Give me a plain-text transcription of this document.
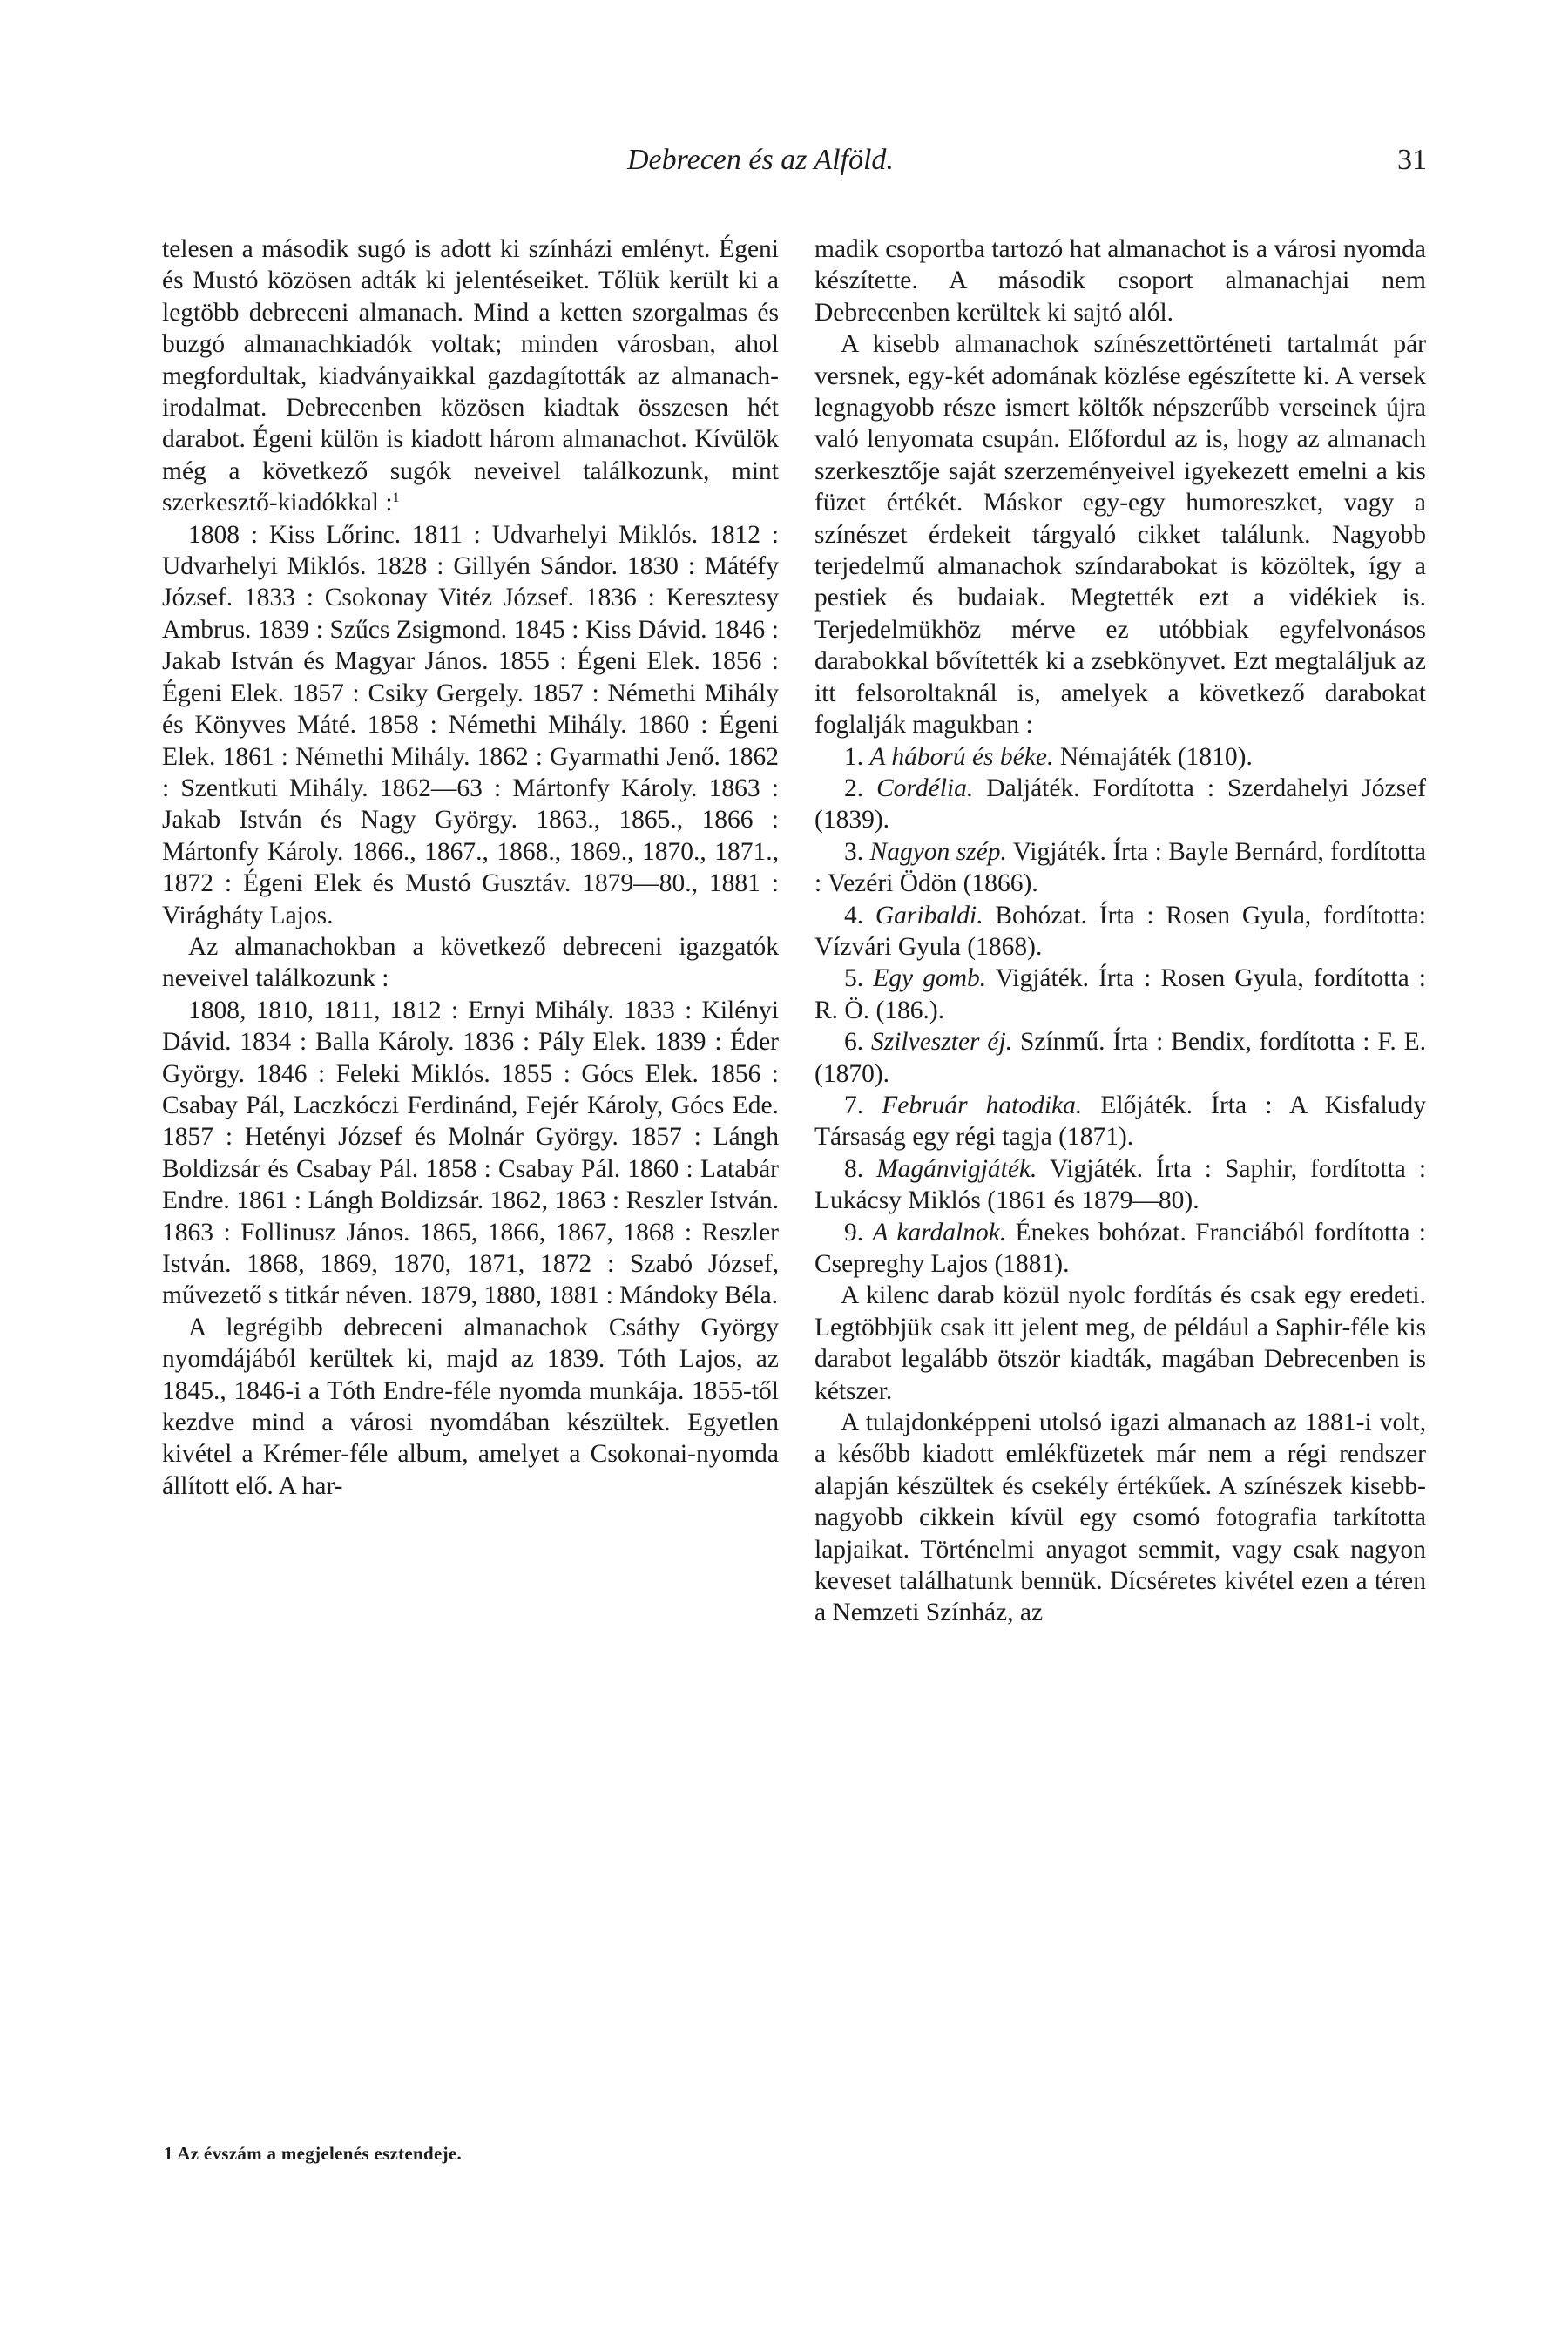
Debrecen és az Alföld.	31

telesen a második sugó is adott ki színházi emlényt. Égeni és Mustó közösen adták ki jelentéseiket. Tőlük került ki a legtöbb debreceni almanach. Mind a ketten szorgalmas és buzgó almanachkiadók voltak; minden városban, ahol megfordultak, kiadványaikkal gazdagították az almanach-irodalmat. Debrecenben közösen kiadtak összesen hét darabot. Égeni külön is kiadott három almanachot. Kívülök még a következő sugók neveivel találkozunk, mint szerkesztő-kiadókkal :$^1$

1808 : Kiss Lőrinc. 1811 : Udvarhelyi Miklós. 1812 : Udvarhelyi Miklós. 1828 : Gillyén Sándor. 1830 : Mátéfy József. 1833 : Csokonay Vitéz József. 1836 : Keresztesy Ambrus. 1839 : Szűcs Zsigmond. 1845 : Kiss Dávid. 1846 : Jakab István és Magyar János. 1855 : Égeni Elek. 1856 : Égeni Elek. 1857 : Csiky Gergely. 1857 : Némethi Mihály és Könyves Máté. 1858 : Némethi Mihály. 1860 : Égeni Elek. 1861 : Némethi Mihály. 1862 : Gyarmathi Jenő. 1862 : Szentkuti Mihály. 1862—63 : Mártonfy Károly. 1863 : Jakab István és Nagy György. 1863., 1865., 1866 : Mártonfy Károly. 1866., 1867., 1868., 1869., 1870., 1871., 1872 : Égeni Elek és Mustó Gusztáv. 1879—80., 1881 : Virágháty Lajos.

Az almanachokban a következő debreceni igazgatók neveivel találkozunk :

1808, 1810, 1811, 1812 : Ernyi Mihály. 1833 : Kilényi Dávid. 1834 : Balla Károly. 1836 : Pály Elek. 1839 : Éder György. 1846 : Feleki Miklós. 1855 : Gócs Elek. 1856 : Csabay Pál, Laczkóczi Ferdinánd, Fejér Károly, Gócs Ede. 1857 : Hetényi József és Molnár György. 1857 : Lángh Boldizsár és Csabay Pál. 1858 : Csabay Pál. 1860 : Latabár Endre. 1861 : Lángh Boldizsár. 1862, 1863 : Reszler István. 1863 : Follinusz János. 1865, 1866, 1867, 1868 : Reszler István. 1868, 1869, 1870, 1871, 1872 : Szabó József, művezető s titkár néven. 1879, 1880, 1881 : Mándoky Béla.

A legrégibb debreceni almanachok Csáthy György nyomdájából kerültek ki, majd az 1839. Tóth Lajos, az 1845., 1846-i a Tóth Endre-féle nyomda munkája. 1855-től kezdve mind a városi nyomdában készültek. Egyetlen kivétel a Krémer-féle album, amelyet a Csokonai-nyomda állított elő. A har-

1 Az évszám a megjelenés esztendeje.

madik csoportba tartozó hat almanachot is a városi nyomda készítette. A második csoport almanachjai nem Debrecenben kerültek ki sajtó alól.

A kisebb almanachok színészettörténeti tartalmát pár versnek, egy-két adomának közlése egészítette ki. A versek legnagyobb része ismert költők népszerűbb verseinek újra való lenyomata csupán. Előfordul az is, hogy az almanach szerkesztője saját szerzeményeivel igyekezett emelni a kis füzet értékét. Máskor egy-egy humoreszket, vagy a színészet érdekeit tárgyaló cikket találunk. Nagyobb terjedelmű almanachok színdarabokat is közöltek, így a pestiek és budaiak. Megtették ezt a vidékiek is. Terjedelmükhöz mérve ez utóbbiak egyfelvonásos darabokkal bővítették ki a zsebkönyvet. Ezt megtaláljuk az itt felsoroltaknál is, amelyek a következő darabokat foglalják magukban :

1. A háború és béke. Némajáték (1810).

2. Cordélia. Daljáték. Fordította : Szerdahelyi József (1839).

3. Nagyon szép. Vigjáték. Írta : Bayle Bernárd, fordította : Vezéri Ödön (1866).

4. Garibaldi. Bohózat. Írta : Rosen Gyula, fordította: Vízvári Gyula (1868).

5. Egy gomb. Vigjáték. Írta : Rosen Gyula, fordította : R. Ö. (186.).

6. Szilveszter éj. Színmű. Írta : Bendix, fordította : F. E. (1870).

7. Február hatodika. Előjáték. Írta : A Kisfaludy Társaság egy régi tagja (1871).

8. Magánvigjáték. Vigjáték. Írta : Saphir, fordította : Lukácsy Miklós (1861 és 1879—80).

9. A kardalnok. Énekes bohózat. Franciából fordította : Csepreghy Lajos (1881).

A kilenc darab közül nyolc fordítás és csak egy eredeti. Legtöbbjük csak itt jelent meg, de például a Saphir-féle kis darabot legalább ötször kiadták, magában Debrecenben is kétszer.

A tulajdonképpeni utolsó igazi almanach az 1881-i volt, a később kiadott emlékfüzetek már nem a régi rendszer alapján készültek és csekély értékűek. A színészek kisebb-nagyobb cikkein kívül egy csomó fotografia tarkította lapjaikat. Történelmi anyagot semmit, vagy csak nagyon keveset találhatunk bennük. Dícséretes kivétel ezen a téren a Nemzeti Színház, az
